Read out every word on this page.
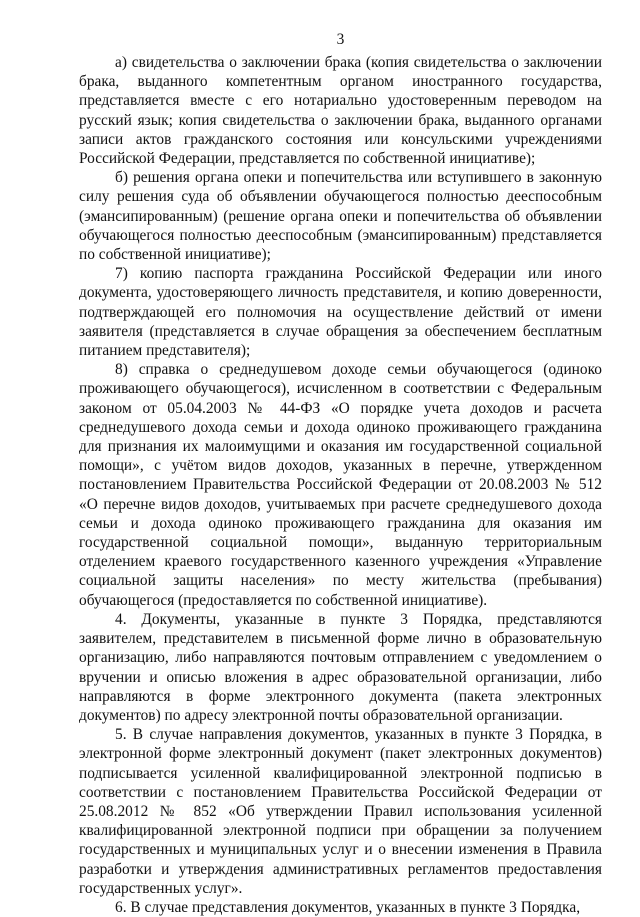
3

а) свидетельства о заключении брака (копия свидетельства о заключении брака, выданного компетентным органом иностранного государства, представляется вместе с его нотариально удостоверенным переводом на русский язык; копия свидетельства о заключении брака, выданного органами записи актов гражданского состояния или консульскими учреждениями Российской Федерации, представляется по собственной инициативе);

б) решения органа опеки и попечительства или вступившего в законную силу решения суда об объявлении обучающегося полностью дееспособным (эмансипированным) (решение органа опеки и попечительства об объявлении обучающегося полностью дееспособным (эмансипированным) представляется по собственной инициативе);

7) копию паспорта гражданина Российской Федерации или иного документа, удостоверяющего личность представителя, и копию доверенности, подтверждающей его полномочия на осуществление действий от имени заявителя (представляется в случае обращения за обеспечением бесплатным питанием представителя);

8) справка о среднедушевом доходе семьи обучающегося (одиноко проживающего обучающегося), исчисленном в соответствии с Федеральным законом от 05.04.2003 № 44-ФЗ «О порядке учета доходов и расчета среднедушевого дохода семьи и дохода одиноко проживающего гражданина для признания их малоимущими и оказания им государственной социальной помощи», с учётом видов доходов, указанных в перечне, утвержденном постановлением Правительства Российской Федерации от 20.08.2003 № 512 «О перечне видов доходов, учитываемых при расчете среднедушевого дохода семьи и дохода одиноко проживающего гражданина для оказания им государственной социальной помощи», выданную территориальным отделением краевого государственного казенного учреждения «Управление социальной защиты населения» по месту жительства (пребывания) обучающегося (предоставляется по собственной инициативе).

4. Документы, указанные в пункте 3 Порядка, представляются заявителем, представителем в письменной форме лично в образовательную организацию, либо направляются почтовым отправлением с уведомлением о вручении и описью вложения в адрес образовательной организации, либо направляются в форме электронного документа (пакета электронных документов) по адресу электронной почты образовательной организации.

5. В случае направления документов, указанных в пункте 3 Порядка, в электронной форме электронный документ (пакет электронных документов) подписывается усиленной квалифицированной электронной подписью в соответствии с постановлением Правительства Российской Федерации от 25.08.2012 № 852 «Об утверждении Правил использования усиленной квалифицированной электронной подписи при обращении за получением государственных и муниципальных услуг и о внесении изменения в Правила разработки и утверждения административных регламентов предоставления государственных услуг».

6. В случае представления документов, указанных в пункте 3 Порядка,
